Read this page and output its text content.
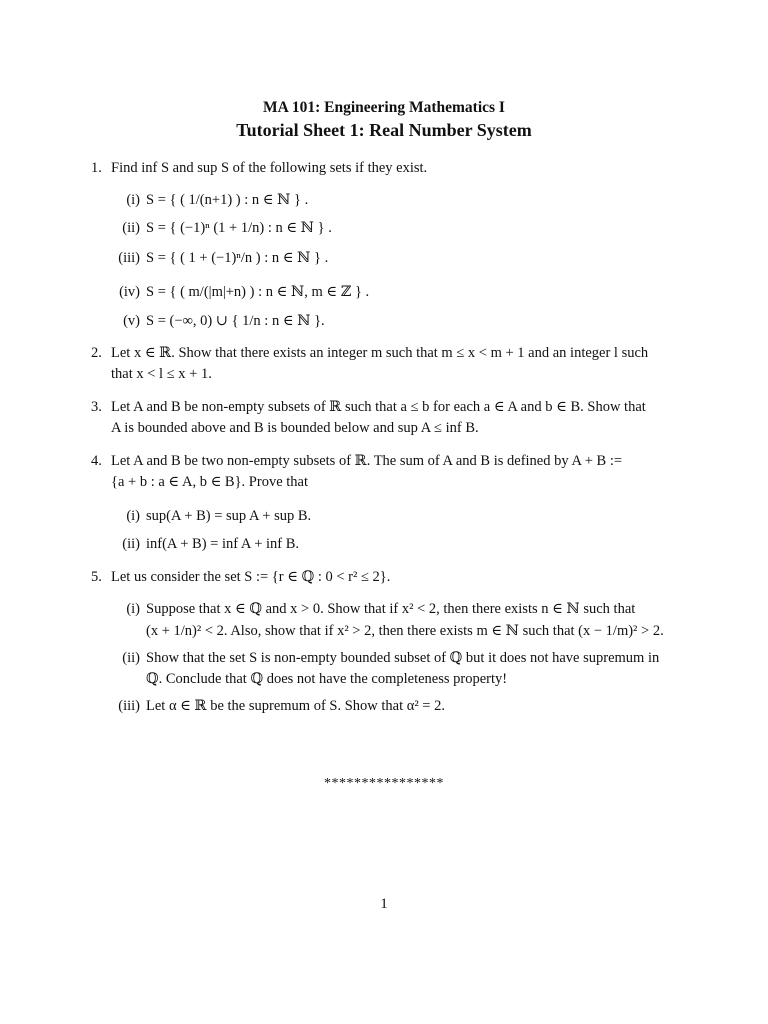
MA 101: Engineering Mathematics I
Tutorial Sheet 1: Real Number System
1. Find inf S and sup S of the following sets if they exist.
(i) S = { ( 1/(n+1) ) : n ∈ ℕ } .
(ii) S = { (−1)ⁿ (1 + 1/n) : n ∈ ℕ } .
(iii) S = { ( 1 + (−1)ⁿ/n ) : n ∈ ℕ } .
(iv) S = { ( m/(|m|+n) ) : n ∈ ℕ, m ∈ ℤ } .
(v) S = (−∞, 0) ∪ { 1/n : n ∈ ℕ }.
2. Let x ∈ ℝ. Show that there exists an integer m such that m ≤ x < m + 1 and an integer l such
that x < l ≤ x + 1.
3. Let A and B be non-empty subsets of ℝ such that a ≤ b for each a ∈ A and b ∈ B. Show that
A is bounded above and B is bounded below and sup A ≤ inf B.
4. Let A and B be two non-empty subsets of ℝ. The sum of A and B is defined by A + B :=
{a + b : a ∈ A, b ∈ B}. Prove that
(i) sup(A + B) = sup A + sup B.
(ii) inf(A + B) = inf A + inf B.
5. Let us consider the set S := {r ∈ ℚ : 0 < r² ≤ 2}.
(i) Suppose that x ∈ ℚ and x > 0. Show that if x² < 2, then there exists n ∈ ℕ such that
(x + 1/n)² < 2. Also, show that if x² > 2, then there exists m ∈ ℕ such that (x − 1/m)² > 2.
(ii) Show that the set S is non-empty bounded subset of ℚ but it does not have supremum in
ℚ. Conclude that ℚ does not have the completeness property!
(iii) Let α ∈ ℝ be the supremum of S. Show that α² = 2.
****************
1
